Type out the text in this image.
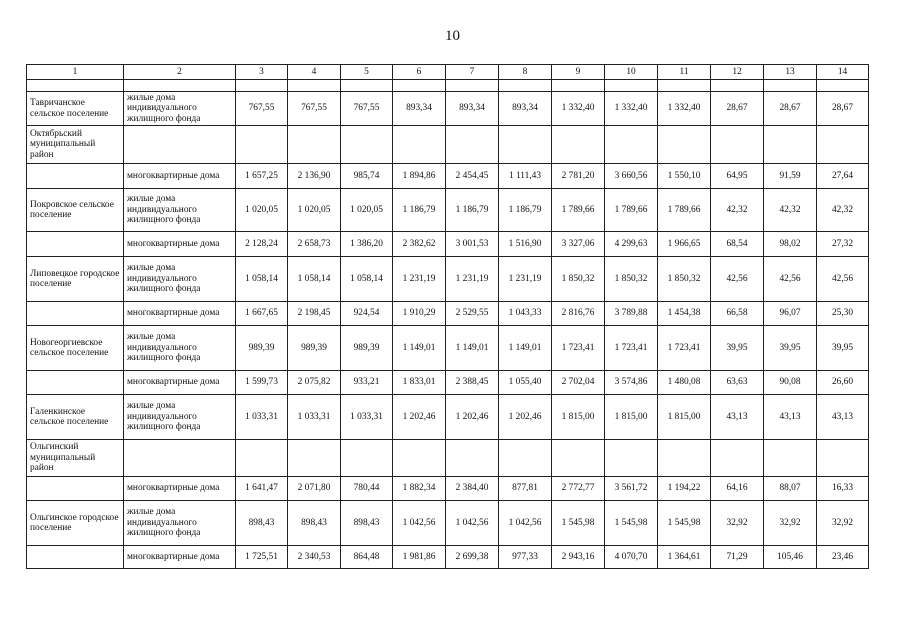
10
1	2	3	4	5	6	7	8	9	10	11	12	13	14

Тавричанское сельское поселение	жилые дома индивидуального жилищного фонда	767,55	767,55	767,55	893,34	893,34	893,34	1 332,40	1 332,40	1 332,40	28,67	28,67	28,67
Октябрьский муниципальный район													
	многоквартирные дома	1 657,25	2 136,90	985,74	1 894,86	2 454,45	1 111,43	2 781,20	3 660,56	1 550,10	64,95	91,59	27,64
Покровское сельское поселение	жилые дома индивидуального жилищного фонда	1 020,05	1 020,05	1 020,05	1 186,79	1 186,79	1 186,79	1 789,66	1 789,66	1 789,66	42,32	42,32	42,32
	многоквартирные дома	2 128,24	2 658,73	1 386,20	2 382,62	3 001,53	1 516,90	3 327,06	4 299,63	1 966,65	68,54	98,02	27,32
Липовецкое городское поселение	жилые дома индивидуального жилищного фонда	1 058,14	1 058,14	1 058,14	1 231,19	1 231,19	1 231,19	1 850,32	1 850,32	1 850,32	42,56	42,56	42,56
	многоквартирные дома	1 667,65	2 198,45	924,54	1 910,29	2 529,55	1 043,33	2 816,76	3 789,88	1 454,38	66,58	96,07	25,30
Новогеоргиевское сельское поселение	жилые дома индивидуального жилищного фонда	989,39	989,39	989,39	1 149,01	1 149,01	1 149,01	1 723,41	1 723,41	1 723,41	39,95	39,95	39,95
	многоквартирные дома	1 599,73	2 075,82	933,21	1 833,01	2 388,45	1 055,40	2 702,04	3 574,86	1 480,08	63,63	90,08	26,60
Галенкинское сельское поселение	жилые дома индивидуального жилищного фонда	1 033,31	1 033,31	1 033,31	1 202,46	1 202,46	1 202,46	1 815,00	1 815,00	1 815,00	43,13	43,13	43,13
Ольгинский муниципальный район													
	многоквартирные дома	1 641,47	2 071,80	780,44	1 882,34	2 384,40	877,81	2 772,77	3 561,72	1 194,22	64,16	88,07	16,33
Ольгинское городское поселение	жилые дома индивидуального жилищного фонда	898,43	898,43	898,43	1 042,56	1 042,56	1 042,56	1 545,98	1 545,98	1 545,98	32,92	32,92	32,92
	многоквартирные дома	1 725,51	2 340,53	864,48	1 981,86	2 699,38	977,33	2 943,16	4 070,70	1 364,61	71,29	105,46	23,46
